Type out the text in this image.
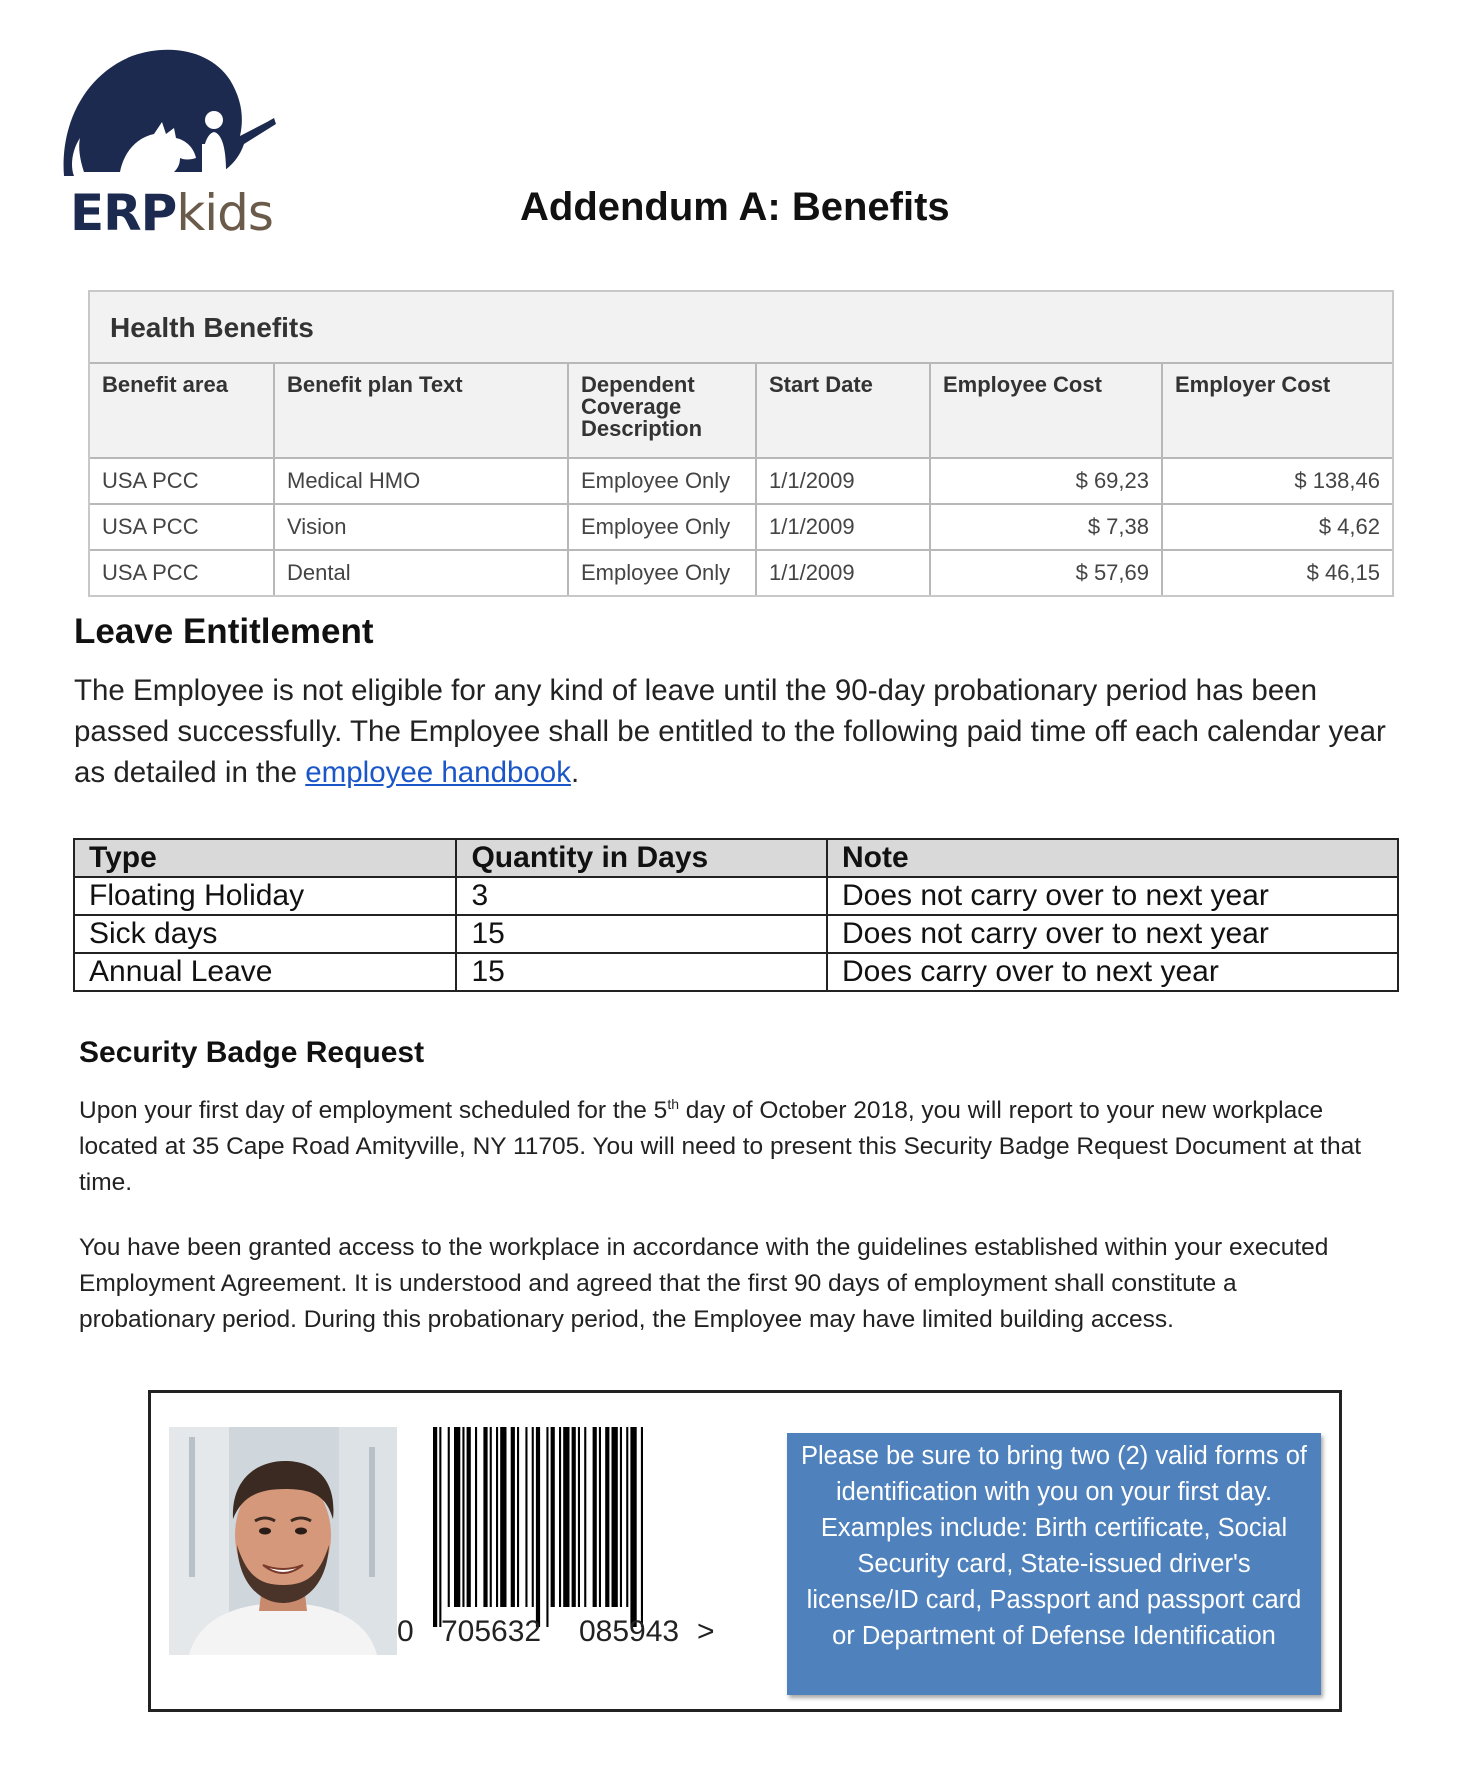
ERPkids	Addendum A: Benefits
Health Benefits
Benefit area	Benefit plan Text	Dependent Coverage Description	Start Date	Employee Cost	Employer Cost
USA PCC	Medical HMO	Employee Only	1/1/2009	$ 69,23	$ 138,46
USA PCC	Vision	Employee Only	1/1/2009	$ 7,38	$ 4,62
USA PCC	Dental	Employee Only	1/1/2009	$ 57,69	$ 46,15
Leave Entitlement
The Employee is not eligible for any kind of leave until the 90-day probationary period has been passed successfully. The Employee shall be entitled to the following paid time off each calendar year as detailed in the employee handbook.
Type	Quantity in Days	Note
Floating Holiday	3	Does not carry over to next year
Sick days	15	Does not carry over to next year
Annual Leave	15	Does carry over to next year
Security Badge Request
Upon your first day of employment scheduled for the 5th day of October 2018, you will report to your new workplace located at 35 Cape Road Amityville, NY 11705. You will need to present this Security Badge Request Document at that time.
You have been granted access to the workplace in accordance with the guidelines established within your executed Employment Agreement. It is understood and agreed that the first 90 days of employment shall constitute a probationary period. During this probationary period, the Employee may have limited building access.
0 705632 085943 >
Please be sure to bring two (2) valid forms of identification with you on your first day. Examples include: Birth certificate, Social Security card, State-issued driver's license/ID card, Passport and passport card or Department of Defense Identification
